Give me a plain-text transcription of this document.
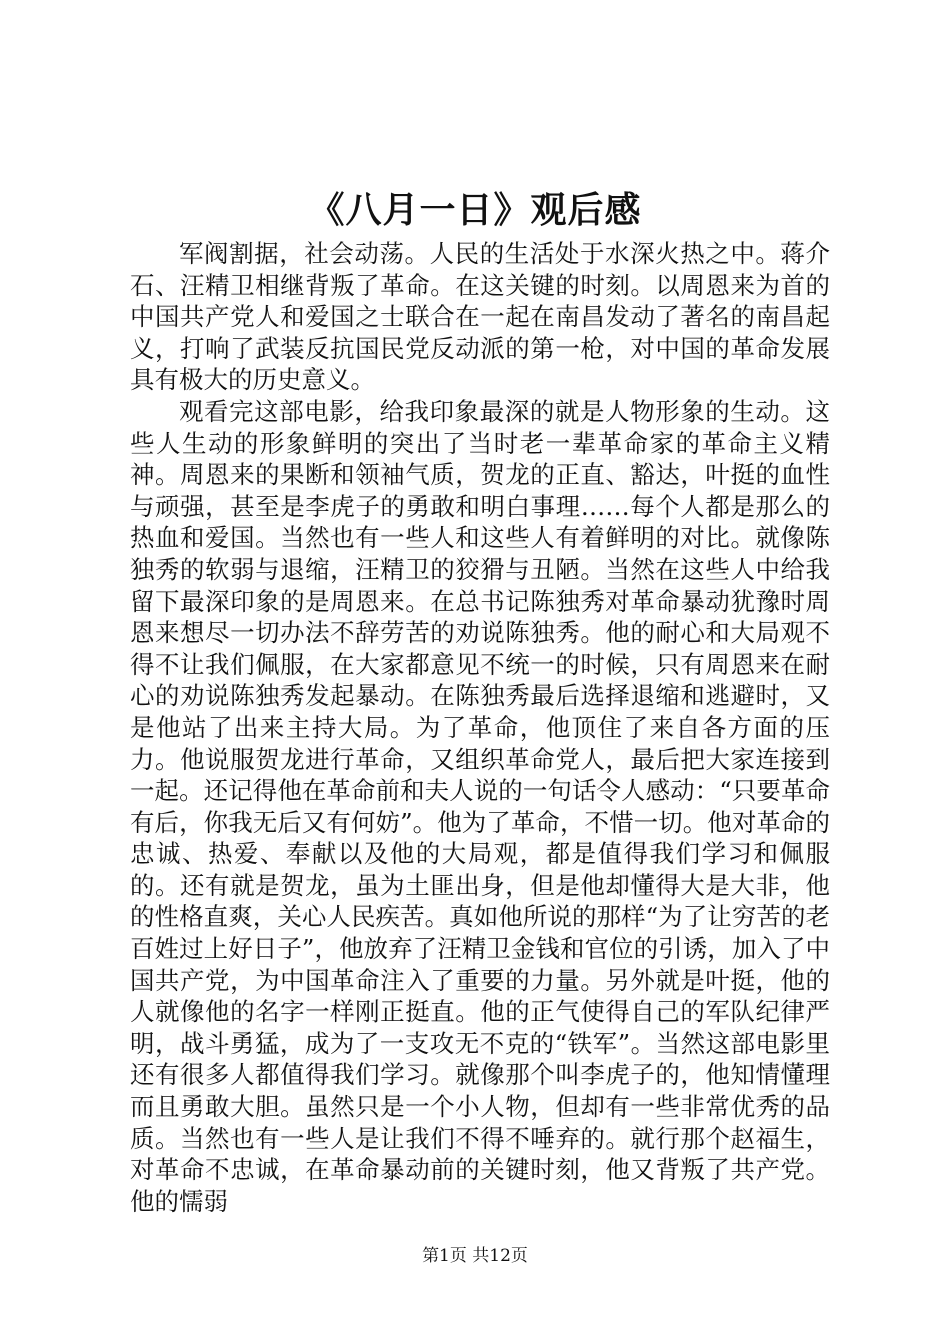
《八月一日》观后感

军阀割据，社会动荡。人民的生活处于水深火热之中。蒋介石、汪精卫相继背叛了革命。在这关键的时刻。以周恩来为首的中国共产党人和爱国之士联合在一起在南昌发动了著名的南昌起义，打响了武装反抗国民党反动派的第一枪，对中国的革命发展具有极大的历史意义。

观看完这部电影，给我印象最深的就是人物形象的生动。这些人生动的形象鲜明的突出了当时老一辈革命家的革命主义精神。周恩来的果断和领袖气质，贺龙的正直、豁达，叶挺的血性与顽强，甚至是李虎子的勇敢和明白事理……每个人都是那么的热血和爱国。当然也有一些人和这些人有着鲜明的对比。就像陈独秀的软弱与退缩，汪精卫的狡猾与丑陋。当然在这些人中给我留下最深印象的是周恩来。在总书记陈独秀对革命暴动犹豫时周恩来想尽一切办法不辞劳苦的劝说陈独秀。他的耐心和大局观不得不让我们佩服，在大家都意见不统一的时候，只有周恩来在耐心的劝说陈独秀发起暴动。在陈独秀最后选择退缩和逃避时，又是他站了出来主持大局。为了革命，他顶住了来自各方面的压力。他说服贺龙进行革命，又组织革命党人，最后把大家连接到一起。还记得他在革命前和夫人说的一句话令人感动：“只要革命有后，你我无后又有何妨”。他为了革命，不惜一切。他对革命的忠诚、热爱、奉献以及他的大局观，都是值得我们学习和佩服的。还有就是贺龙，虽为土匪出身，但是他却懂得大是大非，他的性格直爽，关心人民疾苦。真如他所说的那样“为了让穷苦的老百姓过上好日子”，他放弃了汪精卫金钱和官位的引诱，加入了中国共产党，为中国革命注入了重要的力量。另外就是叶挺，他的人就像他的名字一样刚正挺直。他的正气使得自己的军队纪律严明，战斗勇猛，成为了一支攻无不克的“铁军”。当然这部电影里还有很多人都值得我们学习。就像那个叫李虎子的，他知情懂理而且勇敢大胆。虽然只是一个小人物，但却有一些非常优秀的品质。当然也有一些人是让我们不得不唾弃的。就行那个赵福生，对革命不忠诚，在革命暴动前的关键时刻，他又背叛了共产党。他的懦弱

第1页 共12页
